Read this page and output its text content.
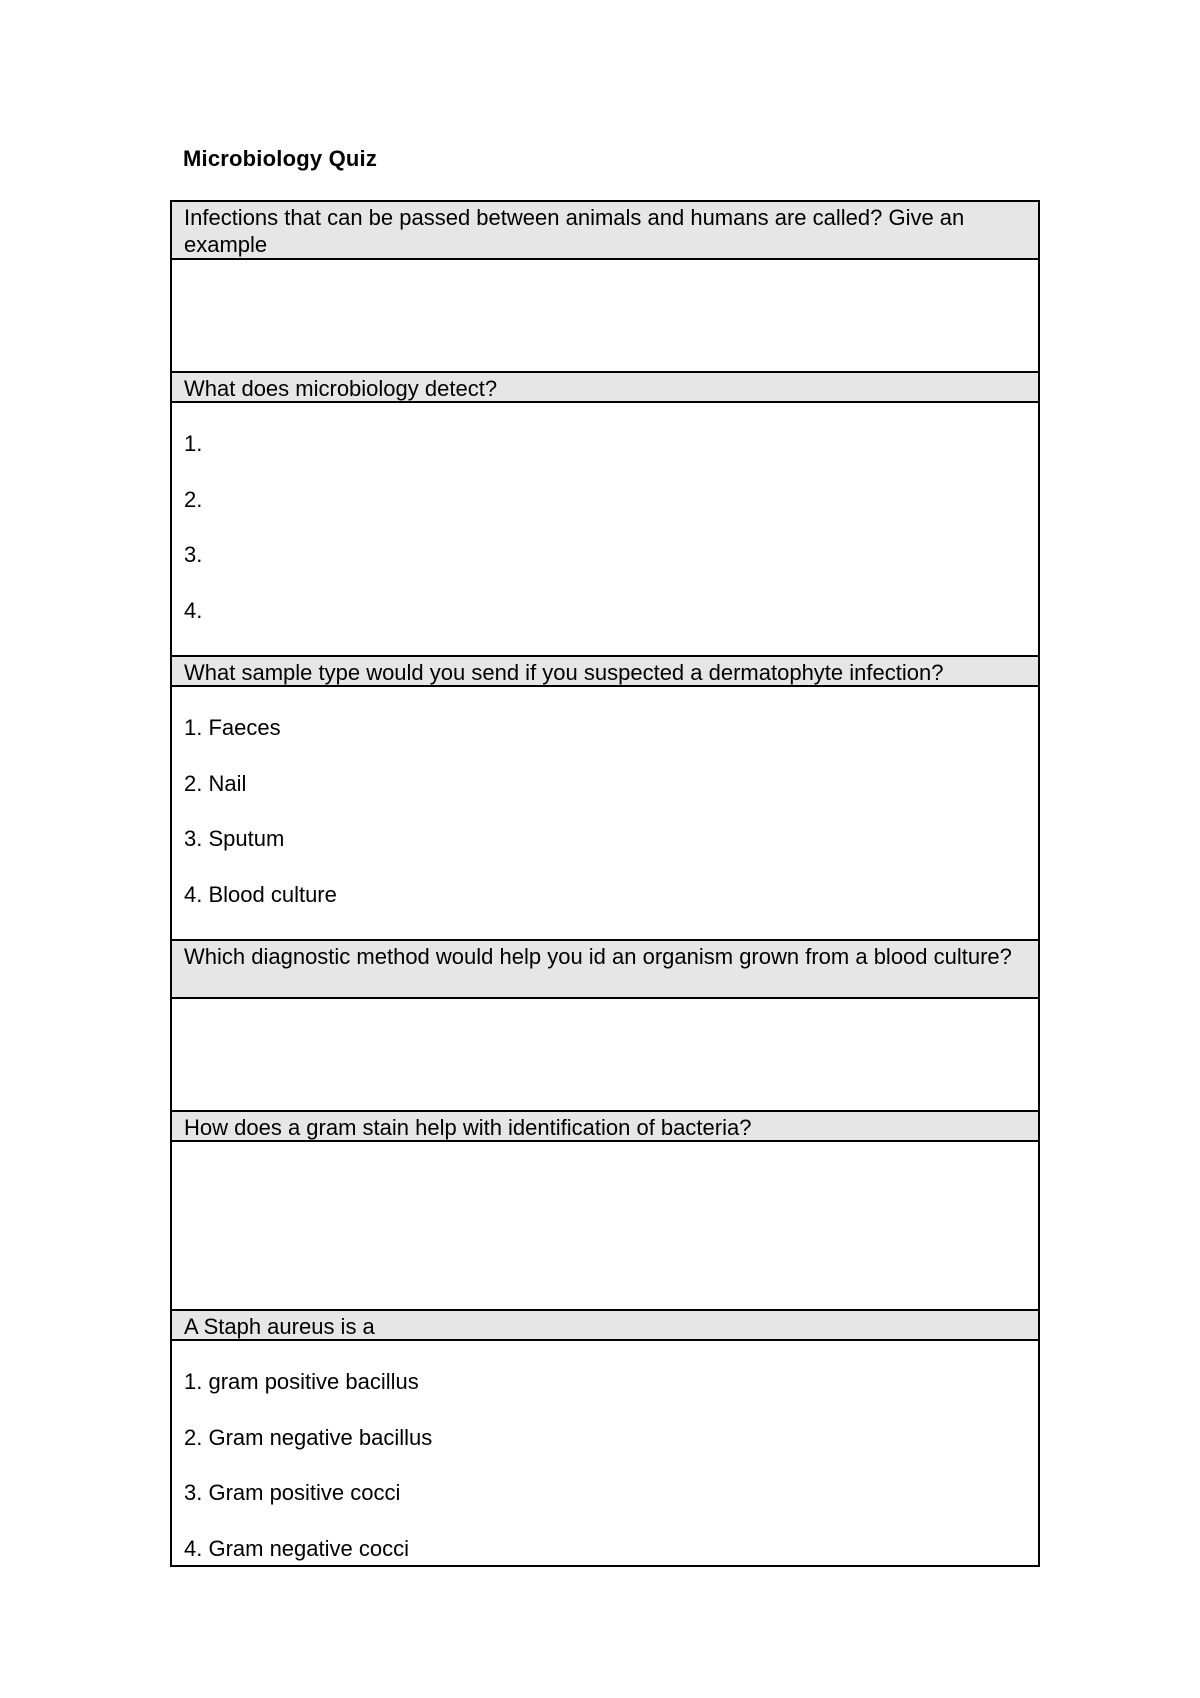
Microbiology Quiz
Infections that can be passed between animals and humans are called? Give an example
What does microbiology detect?
1.
2.
3.
4.
What sample type would you send if you suspected a dermatophyte infection?
1. Faeces
2. Nail
3. Sputum
4. Blood culture
Which diagnostic method would help you id an organism grown from a blood culture?
How does a gram stain help with identification of bacteria?
A Staph aureus is a
1. gram positive bacillus
2. Gram negative bacillus
3. Gram positive cocci
4. Gram negative cocci
